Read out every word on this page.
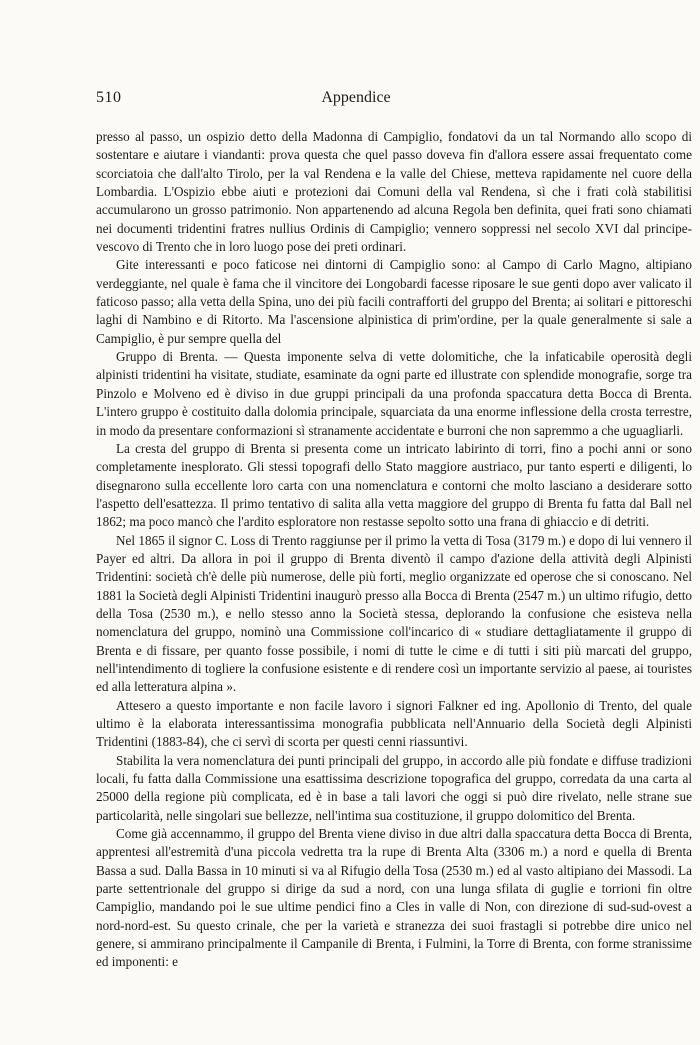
510	Appendice

presso al passo, un ospizio detto della Madonna di Campiglio, fondatovi da un tal Normando allo scopo di sostentare e aiutare i viandanti: prova questa che quel passo doveva fin d'allora essere assai frequentato come scorciatoia che dall'alto Tirolo, per la val Rendena e la valle del Chiese, metteva rapidamente nel cuore della Lombardia. L'Ospizio ebbe aiuti e protezioni dai Comuni della val Rendena, sì che i frati colà stabilitisi accumularono un grosso patrimonio. Non appartenendo ad alcuna Regola ben definita, quei frati sono chiamati nei documenti tridentini fratres nullius Ordinis di Campiglio; vennero soppressi nel secolo XVI dal principe-vescovo di Trento che in loro luogo pose dei preti ordinari.

Gite interessanti e poco faticose nei dintorni di Campiglio sono: al Campo di Carlo Magno, altipiano verdeggiante, nel quale è fama che il vincitore dei Longobardi facesse riposare le sue genti dopo aver valicato il faticoso passo; alla vetta della Spina, uno dei più facili contrafforti del gruppo del Brenta; ai solitari e pittoreschi laghi di Nambino e di Ritorto. Ma l'ascensione alpinistica di prim'ordine, per la quale generalmente si sale a Campiglio, è pur sempre quella del

Gruppo di Brenta. — Questa imponente selva di vette dolomitiche, che la infaticabile operosità degli alpinisti tridentini ha visitate, studiate, esaminate da ogni parte ed illustrate con splendide monografie, sorge tra Pinzolo e Molveno ed è diviso in due gruppi principali da una profonda spaccatura detta Bocca di Brenta. L'intero gruppo è costituito dalla dolomia principale, squarciata da una enorme inflessione della crosta terrestre, in modo da presentare conformazioni sì stranamente accidentate e burroni che non sapremmo a che uguagliarli.

La cresta del gruppo di Brenta si presenta come un intricato labirinto di torri, fino a pochi anni or sono completamente inesplorato. Gli stessi topografi dello Stato maggiore austriaco, pur tanto esperti e diligenti, lo disegnarono sulla eccellente loro carta con una nomenclatura e contorni che molto lasciano a desiderare sotto l'aspetto dell'esattezza. Il primo tentativo di salita alla vetta maggiore del gruppo di Brenta fu fatta dal Ball nel 1862; ma poco mancò che l'ardito esploratore non restasse sepolto sotto una frana di ghiaccio e di detriti.

Nel 1865 il signor C. Loss di Trento raggiunse per il primo la vetta di Tosa (3179 m.) e dopo di lui vennero il Payer ed altri. Da allora in poi il gruppo di Brenta diventò il campo d'azione della attività degli Alpinisti Tridentini: società ch'è delle più numerose, delle più forti, meglio organizzate ed operose che si conoscano. Nel 1881 la Società degli Alpinisti Tridentini inaugurò presso alla Bocca di Brenta (2547 m.) un ultimo rifugio, detto della Tosa (2530 m.), e nello stesso anno la Società stessa, deplorando la confusione che esisteva nella nomenclatura del gruppo, nominò una Commissione coll'incarico di « studiare dettagliatamente il gruppo di Brenta e di fissare, per quanto fosse possibile, i nomi di tutte le cime e di tutti i siti più marcati del gruppo, nell'intendimento di togliere la confusione esistente e di rendere così un importante servizio al paese, ai touristes ed alla letteratura alpina ».

Attesero a questo importante e non facile lavoro i signori Falkner ed ing. Apollonio di Trento, del quale ultimo è la elaborata interessantissima monografia pubblicata nell'Annuario della Società degli Alpinisti Tridentini (1883-84), che ci servì di scorta per questi cenni riassuntivi.

Stabilita la vera nomenclatura dei punti principali del gruppo, in accordo alle più fondate e diffuse tradizioni locali, fu fatta dalla Commissione una esattissima descrizione topografica del gruppo, corredata da una carta al 25000 della regione più complicata, ed è in base a tali lavori che oggi si può dire rivelato, nelle strane sue particolarità, nelle singolari sue bellezze, nell'intima sua costituzione, il gruppo dolomitico del Brenta.

Come già accennammo, il gruppo del Brenta viene diviso in due altri dalla spaccatura detta Bocca di Brenta, apprentesi all'estremità d'una piccola vedretta tra la rupe di Brenta Alta (3306 m.) a nord e quella di Brenta Bassa a sud. Dalla Bassa in 10 minuti si va al Rifugio della Tosa (2530 m.) ed al vasto altipiano dei Massodi. La parte settentrionale del gruppo si dirige da sud a nord, con una lunga sfilata di guglie e torrioni fin oltre Campiglio, mandando poi le sue ultime pendici fino a Cles in valle di Non, con direzione di sud-sud-ovest a nord-nord-est. Su questo crinale, che per la varietà e stranezza dei suoi frastagli si potrebbe dire unico nel genere, si ammirano principalmente il Campanile di Brenta, i Fulmini, la Torre di Brenta, con forme stranissime ed imponenti: e
